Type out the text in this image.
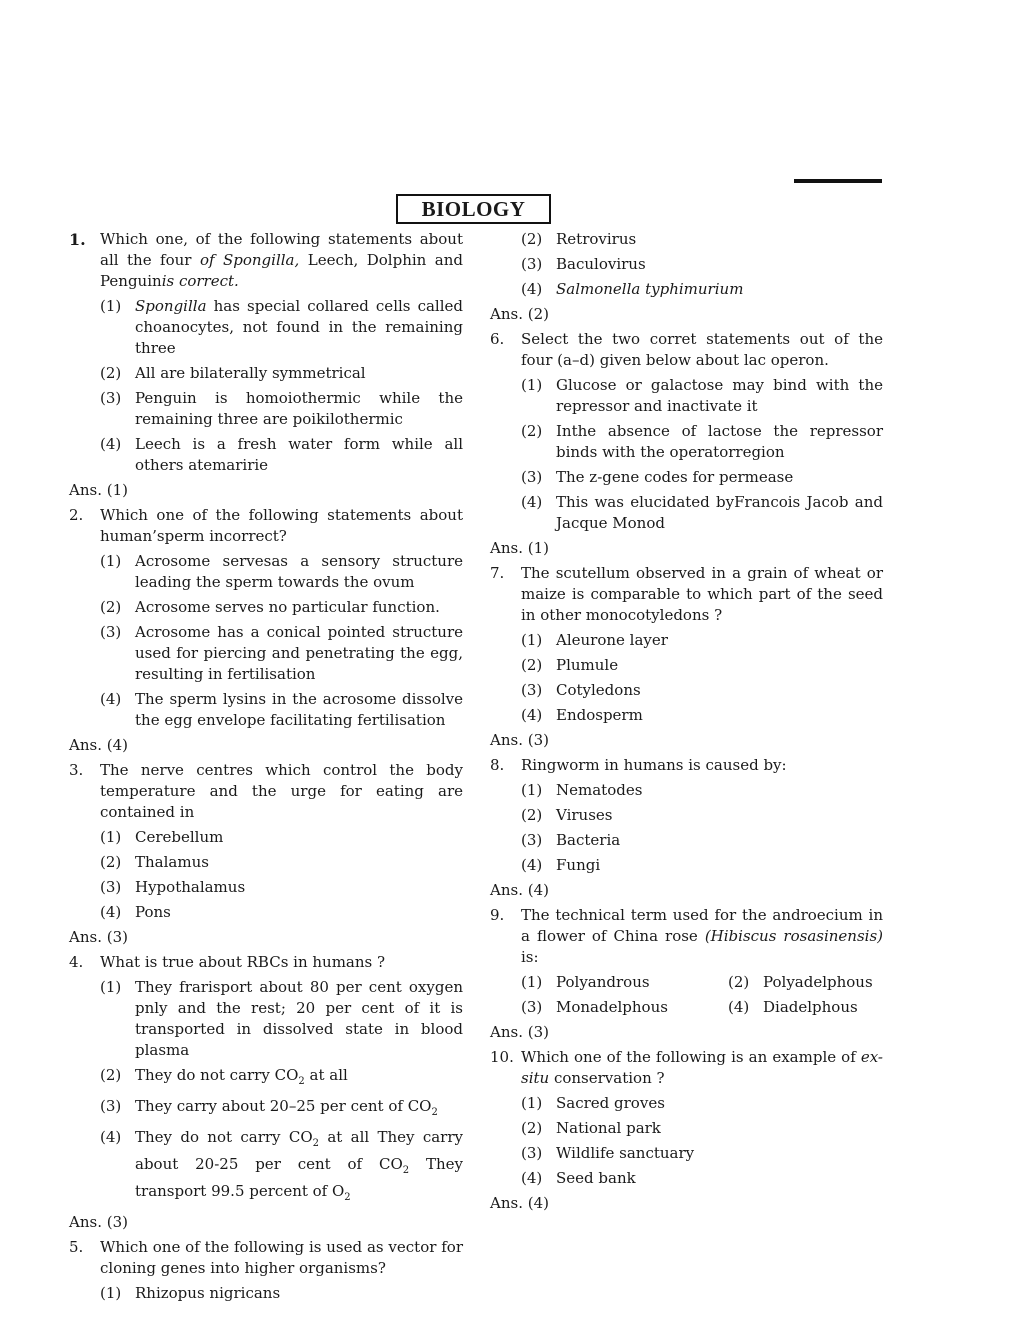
BIOLOGY
1. Which one, of the following statements about all the four of Spongilla, Leech, Dolphin and Penguinis correct.
(1) Spongilla has special collared cells called choanocytes, not found in the remaining three
(2) All are bilaterally symmetrical
(3) Penguin is homoiothermic while the remaining three are poikilothermic
(4) Leech is a fresh water form while all others atemaririe
Ans. (1)
2. Which one of the following statements about human’sperm incorrect?
(1) Acrosome servesas a sensory structure leading the sperm towards the ovum
(2) Acrosome serves no particular function.
(3) Acrosome has a conical pointed structure used for piercing and penetrating the egg, resulting in fertilisation
(4) The sperm lysins in the acrosome dissolve the egg envelope facilitating fertilisation
Ans. (4)
3. The nerve centres which control the body temperature and the urge for eating are contained in
(1) Cerebellum
(2) Thalamus
(3) Hypothalamus
(4) Pons
Ans. (3)
4. What is true about RBCs in humans ?
(1) They frarisport about 80 per cent oxygen pnly and the rest; 20 per cent of it is transported in dissolved state in blood plasma
(2) They do not carry $CO_2$ at all
(3) They carry about 20–25 per cent of $CO_2$
(4) They do not carry $CO_2$ at all They carry about 20-25 per cent of $CO_2$ They transport 99.5 percent of $O_2$
Ans. (3)
5. Which one of the following is used as vector for cloning genes into higher organisms?
(1) Rhizopus nigricans
(2) Retrovirus
(3) Baculovirus
(4) Salmonella typhimurium
Ans. (2)
6. Select the two corret statements out of the four (a–d) given below about lac operon.
(1) Glucose or galactose may bind with the repressor and inactivate it
(2) Inthe absence of lactose the repressor binds with the operatorregion
(3) The z-gene codes for permease
(4) This was elucidated byFrancois Jacob and Jacque Monod
Ans. (1)
7. The scutellum observed in a grain of wheat or maize is comparable to which part of the seed in other monocotyledons ?
(1) Aleurone layer
(2) Plumule
(3) Cotyledons
(4) Endosperm
Ans. (3)
8. Ringworm in humans is caused by:
(1) Nematodes
(2) Viruses
(3) Bacteria
(4) Fungi
Ans. (4)
9. The technical term used for the androecium in a flower of China rose (Hibiscus rosasinensis) is:
(1) Polyandrous	(2) Polyadelphous
(3) Monadelphous	(4) Diadelphous
Ans. (3)
10. Which one of the following is an example of ex-situ conservation ?
(1) Sacred groves
(2) National park
(3) Wildlife sanctuary
(4) Seed bank
Ans. (4)
